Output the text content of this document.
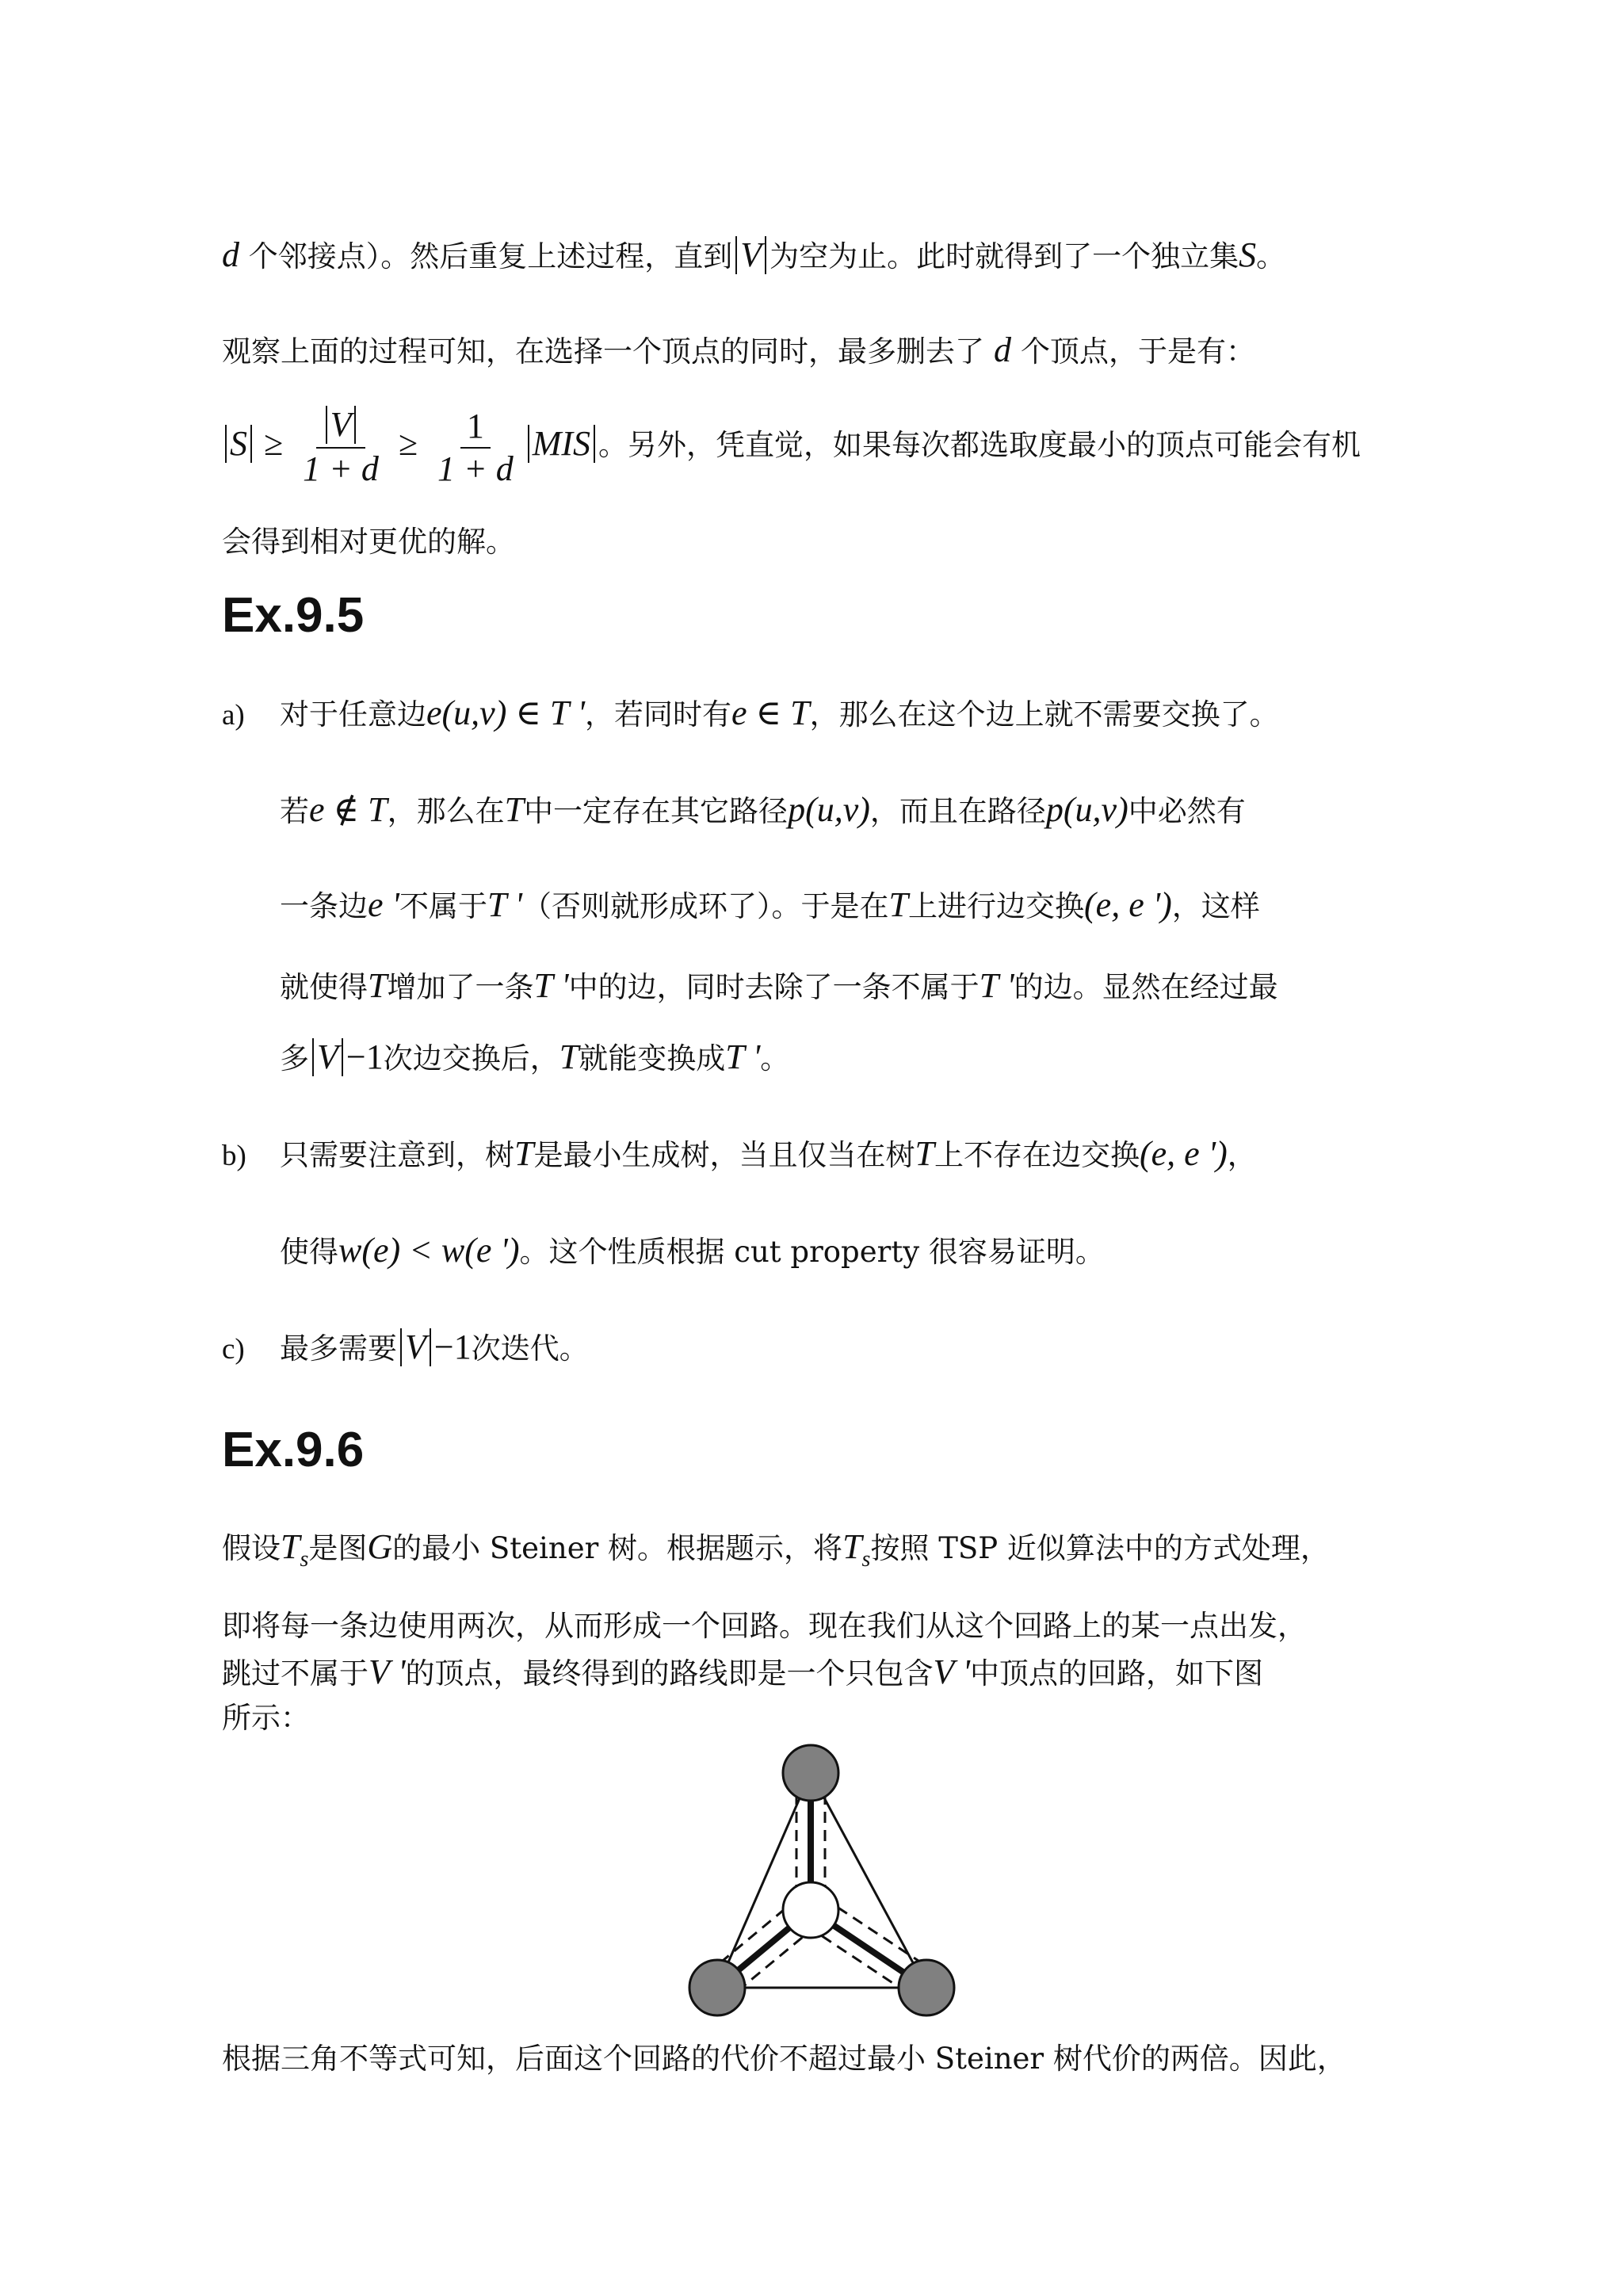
d 个邻接点）。然后重复上述过程，直到 V 为空为止。此时就得到了一个独立集S。
观察上面的过程可知，在选择一个顶点的同时，最多删去了 d 个顶点，于是有：
$S \ge \frac{V}{1 + d} \ge \frac{1}{1 + d}$ MIS 。另外，凭直觉，如果每次都选取度最小的顶点可能会有机
会得到相对更优的解。
Ex.9.5
a) 对于任意边e(u,v) ∈ T '，若同时有e ∈ T，那么在这个边上就不需要交换了。
若e ∉ T，那么在T中一定存在其它路径p(u,v)，而且在路径p(u,v)中必然有
一条边e '不属于T '（否则就形成环了）。于是在T上进行边交换(e, e ')，这样
就使得T增加了一条T '中的边，同时去除了一条不属于T '的边。显然在经过最
多 V −1次边交换后，T就能变换成T '。
b) 只需要注意到，树T是最小生成树，当且仅当在树T上不存在边交换(e, e ')，
使得w(e) < w(e ')。这个性质根据 cut property 很容易证明。
c) 最多需要 V −1次迭代。
Ex.9.6
假设$T_s$是图G的最小 Steiner 树。根据题示，将$T_s$按照 TSP 近似算法中的方式处理，
即将每一条边使用两次，从而形成一个回路。现在我们从这个回路上的某一点出发，
跳过不属于V '的顶点，最终得到的路线即是一个只包含V '中顶点的回路，如下图
所示：
根据三角不等式可知，后面这个回路的代价不超过最小 Steiner 树代价的两倍。因此，
